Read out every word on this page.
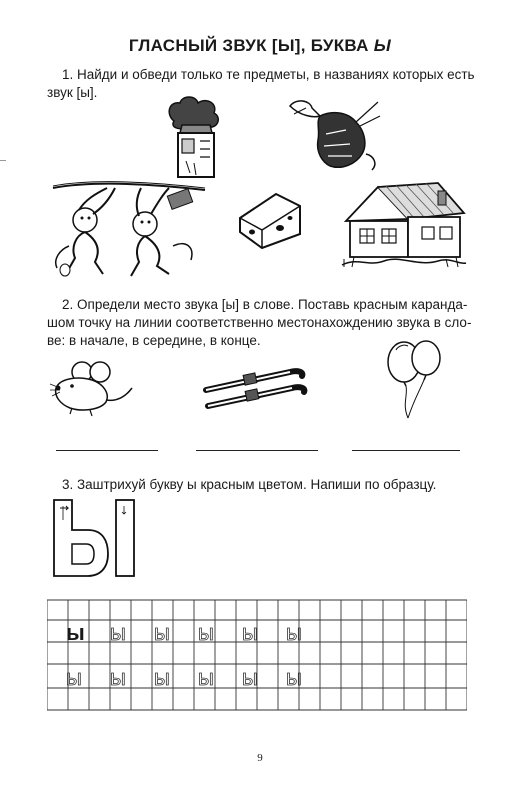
ГЛАСНЫЙ ЗВУК [Ы], БУКВА Ы
1. Найди и обведи только те предметы, в названиях которых есть
звук [ы].
2. Определи место звука [ы] в слове. Поставь красным каранда-
шом точку на линии соответственно местонахождению звука в сло-
ве: в начале, в середине, в конце.
3. Заштрихуй букву ы красным цветом. Напиши по образцу.
ы ы ы ы ы ы
ы ы ы ы ы ы
9
